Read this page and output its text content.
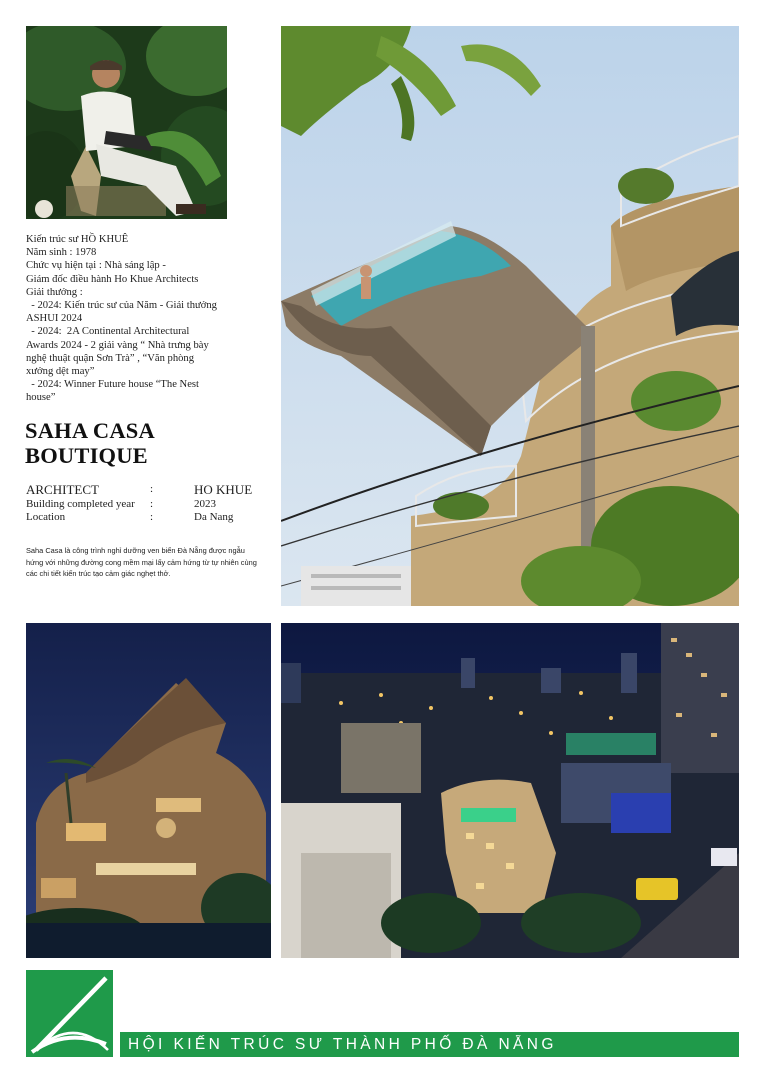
Kiến trúc sư HỒ KHUÊ
Năm sinh : 1978
Chức vụ hiện tại : Nhà sáng lập -
Giám đốc điều hành Ho Khue Architects
Giải thưởng :
- 2024: Kiến trúc sư của Năm - Giải thưởng
ASHUI 2024
- 2024:  2A Continental Architectural
Awards 2024 - 2 giải vàng “ Nhà trưng bày
nghệ thuật quận Sơn Trà” , “Văn phòng
xưởng dệt may”
- 2024: Winner Future house “The Nest
house”
SAHA CASA
BOUTIQUE
ARCHITECT	:	HO KHUE
Building completed year :	2023
Location	:	Da Nang
Saha Casa là công trình nghỉ dưỡng ven biển Đà Nẵng được ngẫu hứng với những đường cong mềm mại lấy cảm hứng từ tự nhiên cùng các chi tiết kiến trúc tạo cảm giác nghẹt thở.
HỘI KIẾN TRÚC SƯ THÀNH PHỐ ĐÀ NẴNG
